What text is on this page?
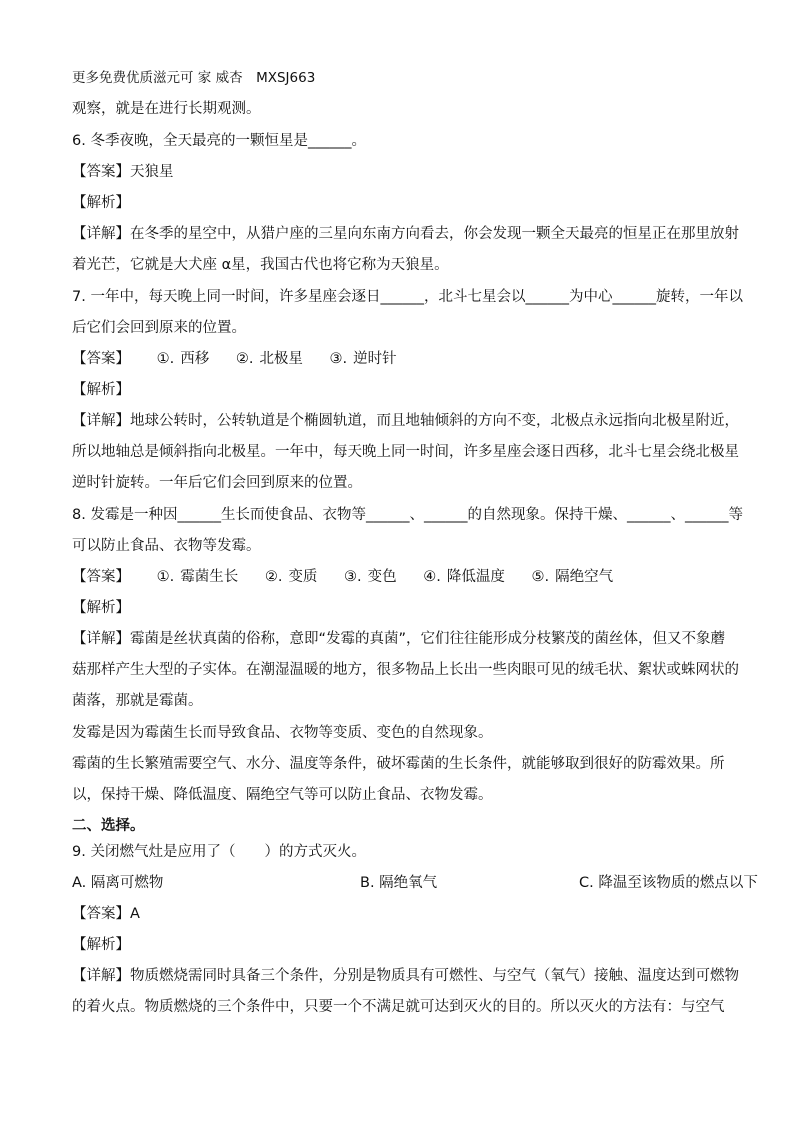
更多免费优质滋元可 家 威杏　MXSJ663
观察，就是在进行长期观测。
6. 冬季夜晚，全天最亮的一颗恒星是______。
【答案】天狼星
【解析】
【详解】在冬季的星空中，从猎户座的三星向东南方向看去，你会发现一颗全天最亮的恒星正在那里放射
着光芒，它就是大犬座 α星，我国古代也将它称为天狼星。
7. 一年中，每天晚上同一时间，许多星座会逐日______，北斗七星会以______为中心______旋转，一年以
后它们会回到原来的位置。
【答案】 ①. 西移 ②. 北极星 ③. 逆时针
【解析】
【详解】地球公转时，公转轨道是个椭圆轨道，而且地轴倾斜的方向不变，北极点永远指向北极星附近，
所以地轴总是倾斜指向北极星。一年中，每天晚上同一时间，许多星座会逐日西移，北斗七星会绕北极星
逆时针旋转。一年后它们会回到原来的位置。
8. 发霉是一种因______生长而使食品、衣物等______、______的自然现象。保持干燥、______、______等
可以防止食品、衣物等发霉。
【答案】 ①. 霉菌生长 ②. 变质 ③. 变色 ④. 降低温度 ⑤. 隔绝空气
【解析】
【详解】霉菌是丝状真菌的俗称，意即“发霉的真菌”，它们往往能形成分枝繁茂的菌丝体，但又不象蘑
菇那样产生大型的子实体。在潮湿温暖的地方，很多物品上长出一些肉眼可见的绒毛状、絮状或蛛网状的
菌落，那就是霉菌。
发霉是因为霉菌生长而导致食品、衣物等变质、变色的自然现象。
霉菌的生长繁殖需要空气、水分、温度等条件，破坏霉菌的生长条件，就能够取到很好的防霉效果。所
以，保持干燥、降低温度、隔绝空气等可以防止食品、衣物发霉。
二、选择。
9. 关闭燃气灶是应用了（　　）的方式灭火。
A. 隔离可燃物	B. 隔绝氧气	C. 降温至该物质的燃点以下
【答案】A
【解析】
【详解】物质燃烧需同时具备三个条件，分别是物质具有可燃性、与空气（氧气）接触、温度达到可燃物
的着火点。物质燃烧的三个条件中，只要一个不满足就可达到灭火的目的。所以灭火的方法有：与空气
